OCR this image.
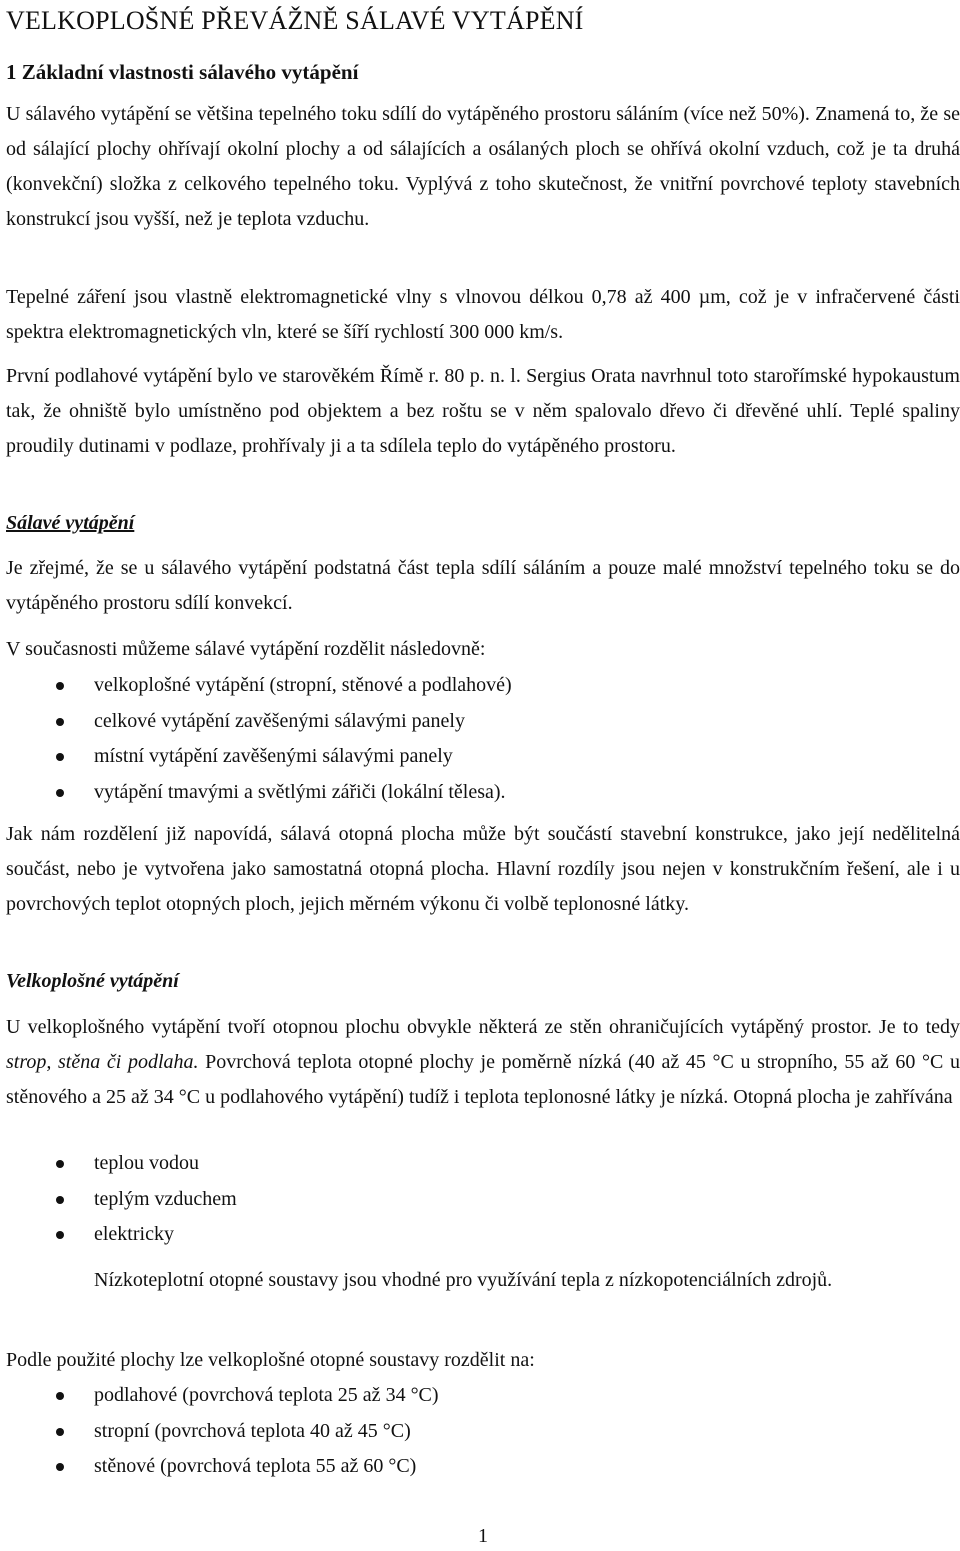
VELKOPLOŠNÉ PŘEVÁŽNĚ SÁLAVÉ VYTÁPĚNÍ
1 Základní vlastnosti sálavého vytápění
U sálavého vytápění se většina tepelného toku sdílí do vytápěného prostoru sáláním (více než 50%). Znamená to, že se od sálající plochy ohřívají okolní plochy a od sálajících a osálaných ploch se ohřívá okolní vzduch, což je ta druhá (konvekční) složka z celkového tepelného toku. Vyplývá z toho skutečnost, že vnitřní povrchové teploty stavebních konstrukcí jsou vyšší, než je teplota vzduchu.
Tepelné záření jsou vlastně elektromagnetické vlny s vlnovou délkou 0,78 až 400 µm, což je v infračervené části spektra elektromagnetických vln, které se šíří rychlostí 300 000 km/s.
První podlahové vytápění bylo ve starověkém Římě r. 80 p. n. l. Sergius Orata navrhnul toto starořímské hypokaustum tak, že ohniště bylo umístněno pod objektem a bez roštu se v něm spalovalo dřevo či dřevěné uhlí. Teplé spaliny proudily dutinami v podlaze, prohřívaly ji a ta sdílela teplo do vytápěného prostoru.
Sálavé vytápění
Je zřejmé, že se u sálavého vytápění podstatná část tepla sdílí sáláním a pouze malé množství tepelného toku se do vytápěného prostoru sdílí konvekcí.
V současnosti můžeme sálavé vytápění rozdělit následovně:
velkoplošné vytápění (stropní, stěnové a podlahové)
celkové vytápění zavěšenými sálavými panely
místní vytápění zavěšenými sálavými panely
vytápění tmavými a světlými zářiči (lokální tělesa).
Jak nám rozdělení již napovídá, sálavá otopná plocha může být součástí stavební konstrukce, jako její nedělitelná součást, nebo je vytvořena jako samostatná otopná plocha. Hlavní rozdíly jsou nejen v konstrukčním řešení, ale i u povrchových teplot otopných ploch, jejich měrném výkonu či volbě teplonosné látky.
Velkoplošné vytápění
U velkoplošného vytápění tvoří otopnou plochu obvykle některá ze stěn ohraničujících vytápěný prostor. Je to tedy strop, stěna či podlaha. Povrchová teplota otopné plochy je poměrně nízká (40 až 45 °C u stropního, 55 až 60 °C u stěnového a 25 až 34 °C u podlahového vytápění) tudíž i teplota teplonosné látky je nízká. Otopná plocha je zahřívána
teplou vodou
teplým vzduchem
elektricky
Nízkoteplotní otopné soustavy jsou vhodné pro využívání tepla z nízkopotenciálních zdrojů.
Podle použité plochy lze velkoplošné otopné soustavy rozdělit na:
podlahové (povrchová teplota 25 až 34 °C)
stropní (povrchová teplota 40 až 45 °C)
stěnové (povrchová teplota 55 až 60 °C)
1
